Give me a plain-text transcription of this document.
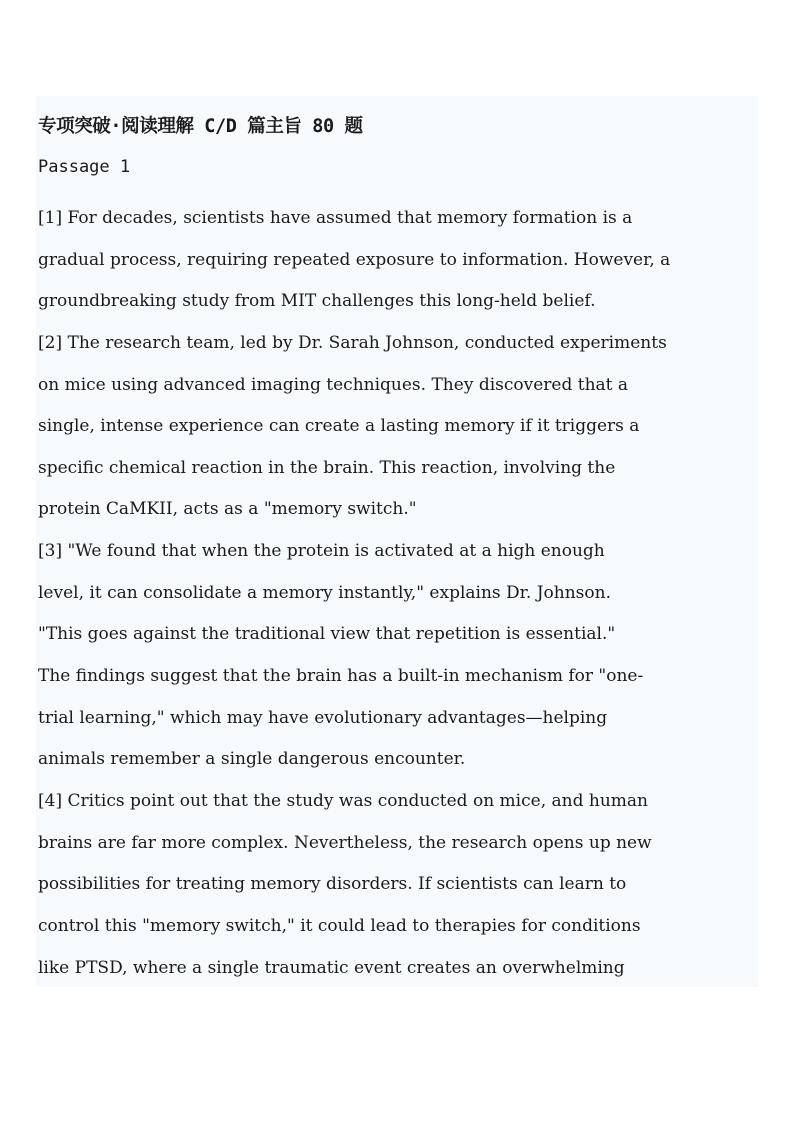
专项突破·阅读理解 C/D 篇主旨 80 题
Passage 1
[1] For decades, scientists have assumed that memory formation is a
gradual process, requiring repeated exposure to information. However, a
groundbreaking study from MIT challenges this long-held belief.
[2] The research team, led by Dr. Sarah Johnson, conducted experiments
on mice using advanced imaging techniques. They discovered that a
single, intense experience can create a lasting memory if it triggers a
specific chemical reaction in the brain. This reaction, involving the
protein CaMKII, acts as a "memory switch."
[3] "We found that when the protein is activated at a high enough
level, it can consolidate a memory instantly," explains Dr. Johnson.
"This goes against the traditional view that repetition is essential."
The findings suggest that the brain has a built-in mechanism for "one-
trial learning," which may have evolutionary advantages—helping
animals remember a single dangerous encounter.
[4] Critics point out that the study was conducted on mice, and human
brains are far more complex. Nevertheless, the research opens up new
possibilities for treating memory disorders. If scientists can learn to
control this "memory switch," it could lead to therapies for conditions
like PTSD, where a single traumatic event creates an overwhelming
